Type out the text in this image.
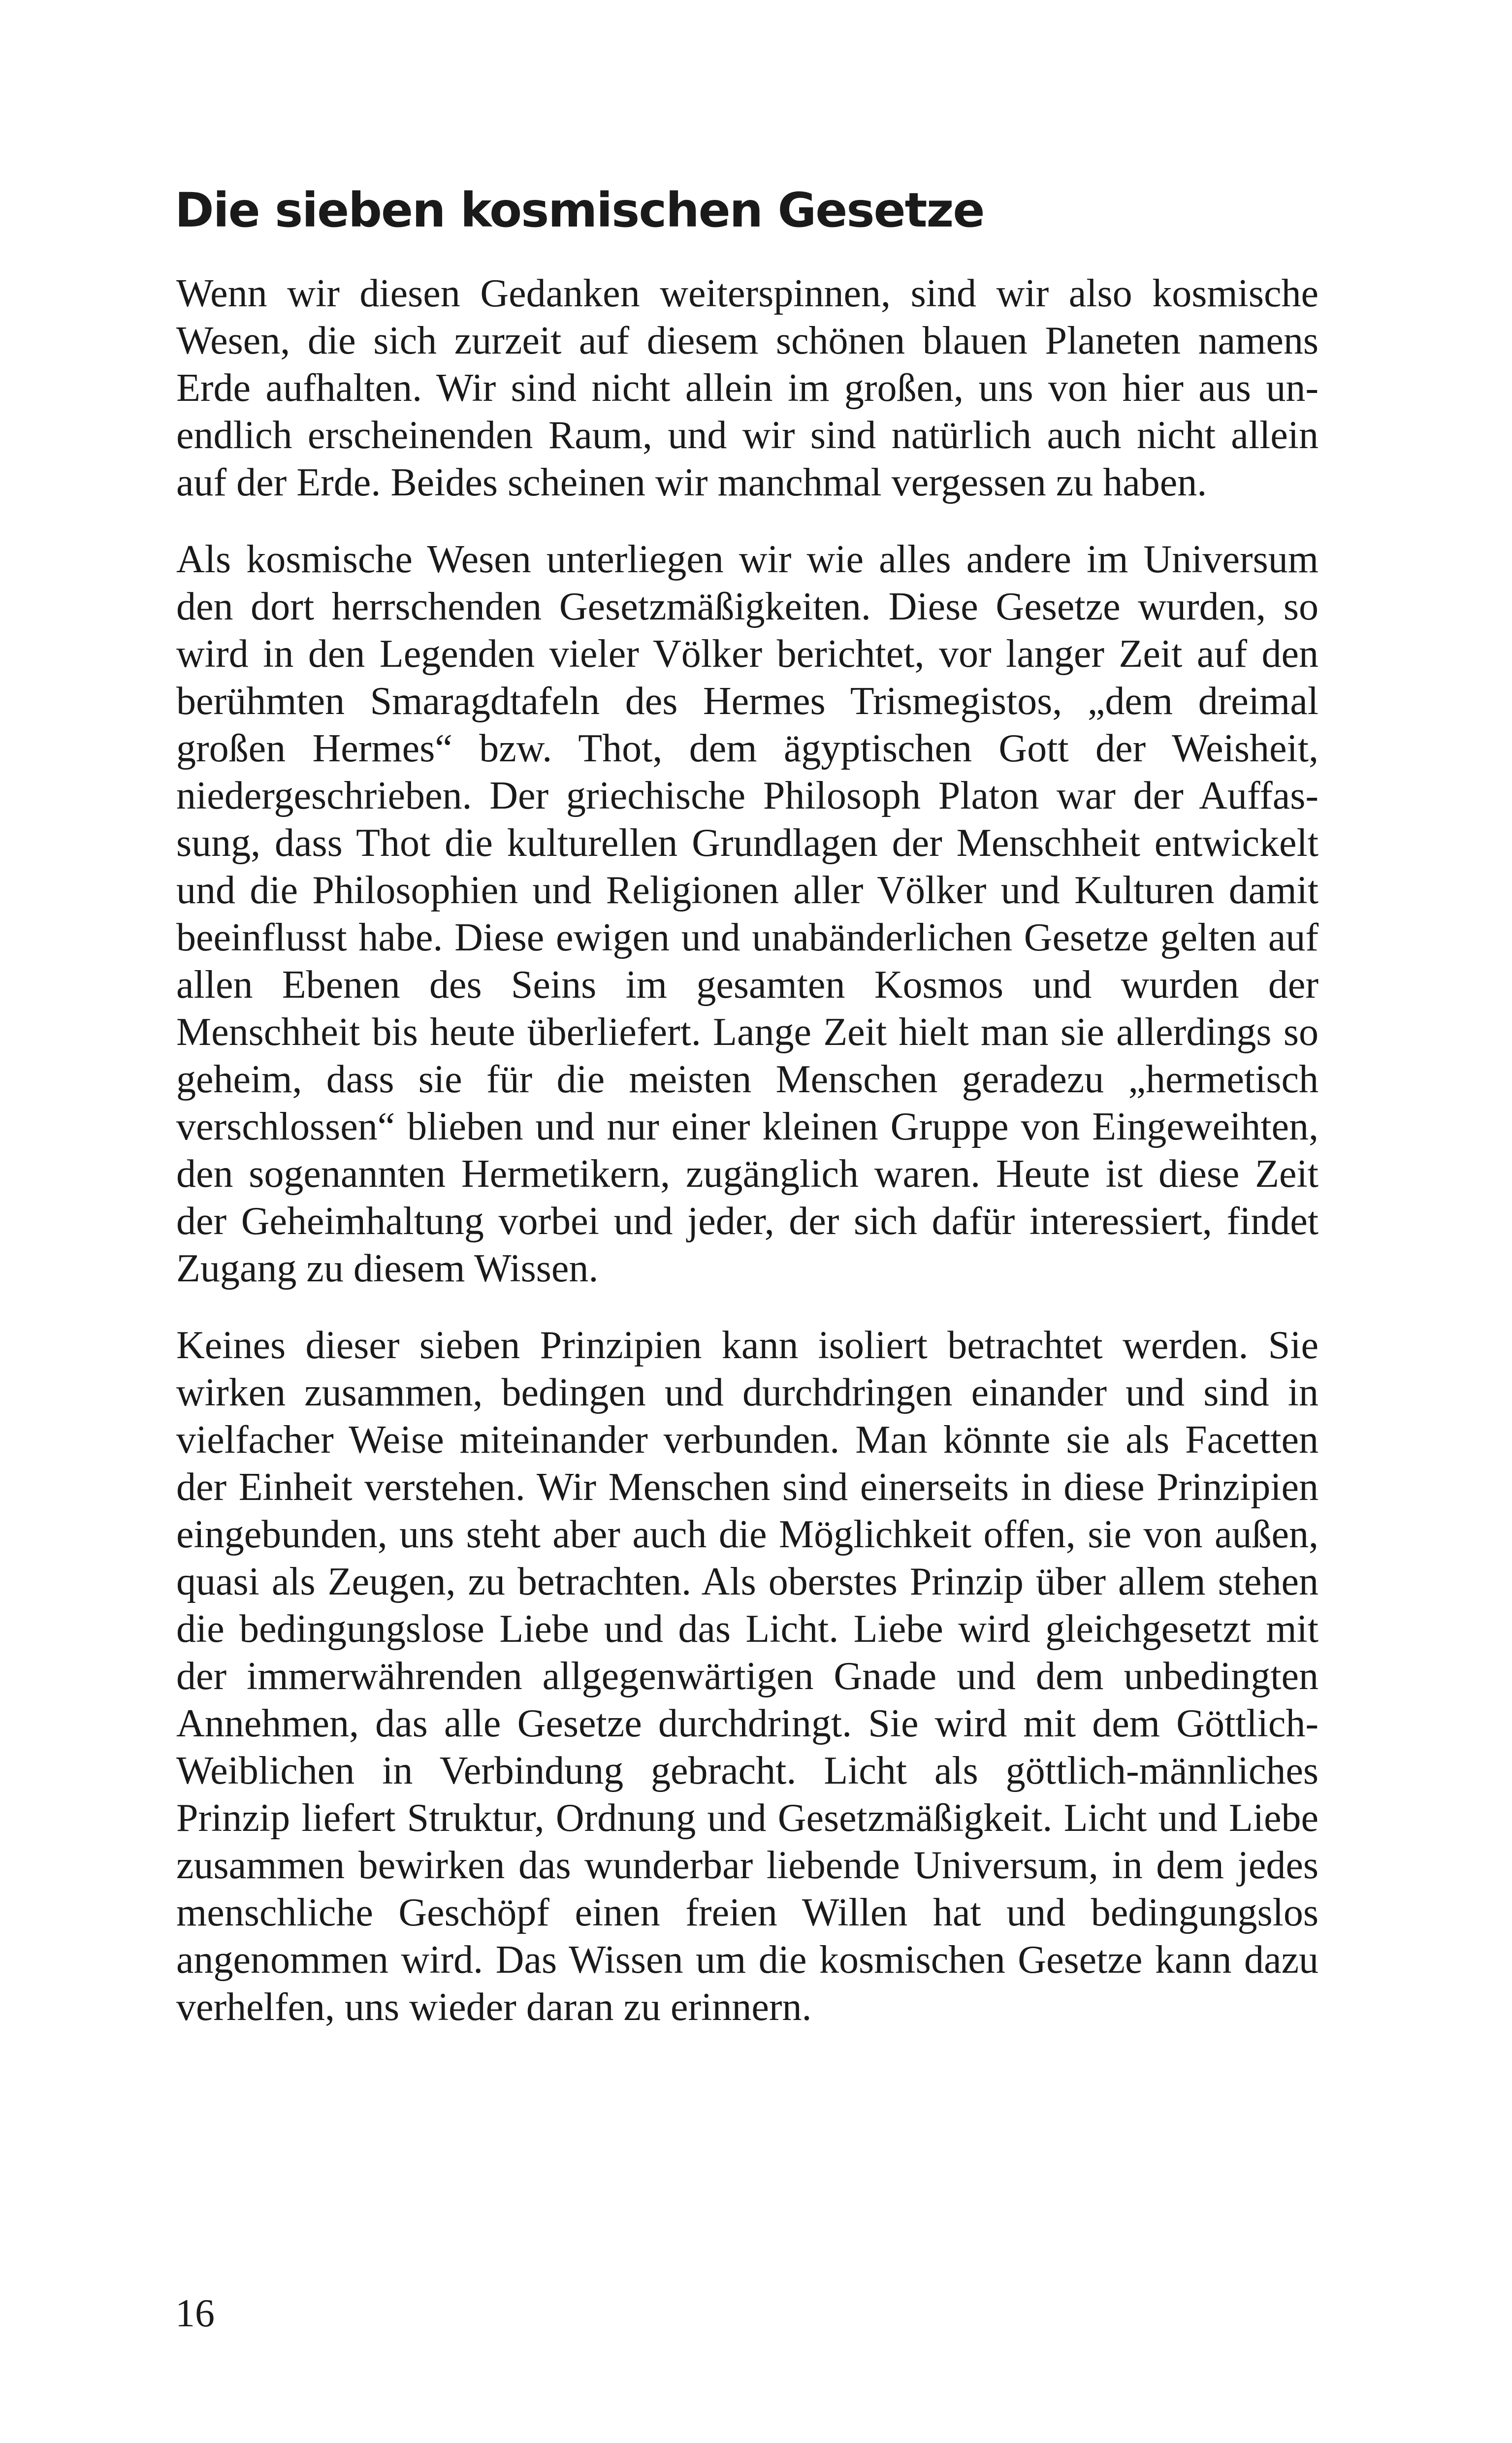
Die sieben kosmischen Gesetze

Wenn wir diesen Gedanken weiterspinnen, sind wir also kosmische Wesen, die sich zurzeit auf diesem schönen blauen Planeten namens Erde aufhalten. Wir sind nicht allein im großen, uns von hier aus unendlich erscheinenden Raum, und wir sind natürlich auch nicht allein auf der Erde. Beides scheinen wir manchmal vergessen zu haben.

Als kosmische Wesen unterliegen wir wie alles andere im Universum den dort herrschenden Gesetzmäßigkeiten. Diese Gesetze wurden, so wird in den Legenden vieler Völker berichtet, vor langer Zeit auf den berühmten Smaragdtafeln des Hermes Trismegistos, „dem dreimal großen Hermes“ bzw. Thot, dem ägyptischen Gott der Weisheit, niedergeschrieben. Der griechische Philosoph Platon war der Auffassung, dass Thot die kulturellen Grundlagen der Menschheit entwickelt und die Philosophien und Religionen aller Völker und Kulturen damit beeinflusst habe. Diese ewigen und unabänderlichen Gesetze gelten auf allen Ebenen des Seins im gesamten Kosmos und wurden der Menschheit bis heute überliefert. Lange Zeit hielt man sie allerdings so geheim, dass sie für die meisten Menschen geradezu „hermetisch verschlossen“ blieben und nur einer kleinen Gruppe von Eingeweihten, den sogenannten Hermetikern, zugänglich waren. Heute ist diese Zeit der Geheimhaltung vorbei und jeder, der sich dafür interessiert, findet Zugang zu diesem Wissen.

Keines dieser sieben Prinzipien kann isoliert betrachtet werden. Sie wirken zusammen, bedingen und durchdringen einander und sind in vielfacher Weise miteinander verbunden. Man könnte sie als Facetten der Einheit verstehen. Wir Menschen sind einerseits in diese Prinzipien eingebunden, uns steht aber auch die Möglichkeit offen, sie von außen, quasi als Zeugen, zu betrachten. Als oberstes Prinzip über allem stehen die bedingungslose Liebe und das Licht. Liebe wird gleichgesetzt mit der immerwährenden allgegenwärtigen Gnade und dem unbedingten Annehmen, das alle Gesetze durchdringt. Sie wird mit dem Göttlich-Weiblichen in Verbindung gebracht. Licht als göttlich-männliches Prinzip liefert Struktur, Ordnung und Gesetzmäßigkeit. Licht und Liebe zusammen bewirken das wunderbar liebende Universum, in dem jedes menschliche Geschöpf einen freien Willen hat und bedingungslos angenommen wird. Das Wissen um die kosmischen Gesetze kann dazu verhelfen, uns wieder daran zu erinnern.

16
